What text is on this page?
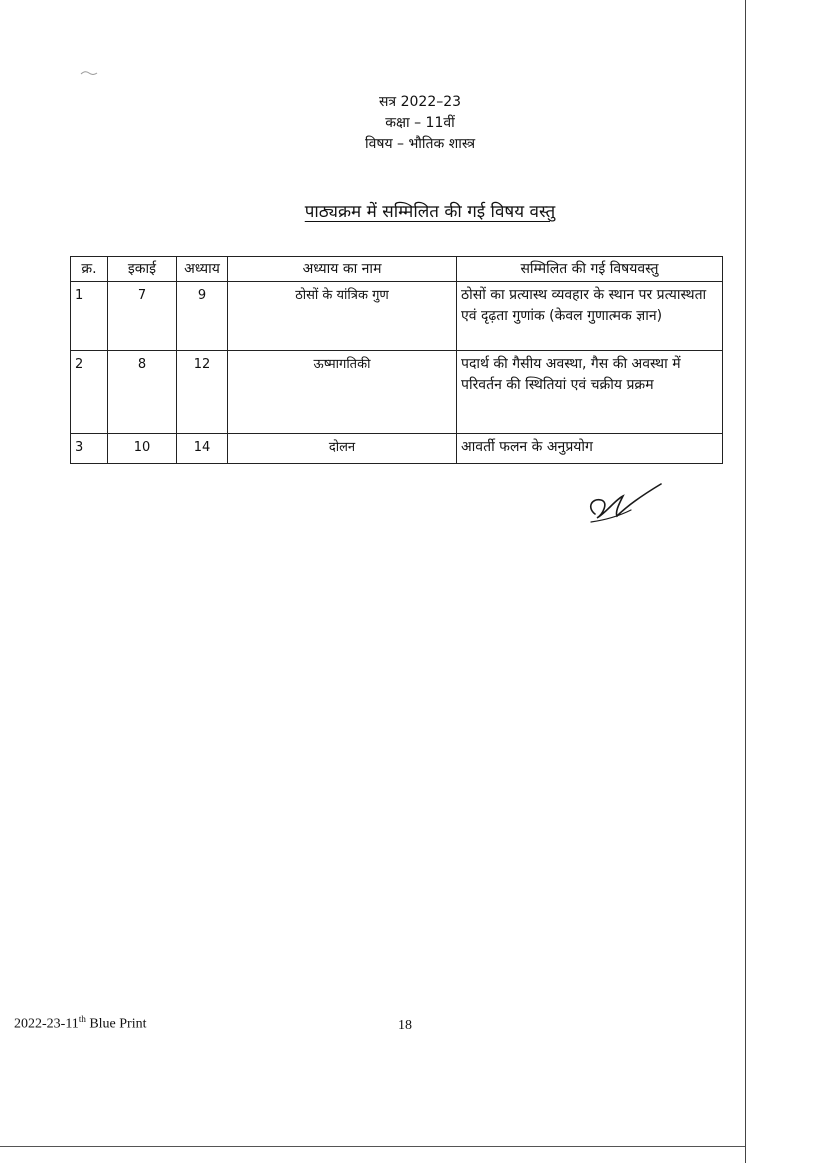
सत्र 2022–23
कक्षा – 11वीं
विषय – भौतिक शास्त्र
पाठ्यक्रम में सम्मिलित की गई विषय वस्तु
क्र.	इकाई	अध्याय	अध्याय का नाम	सम्मिलित की गई विषयवस्तु
1	7	9	ठोसों के यांत्रिक गुण	ठोसों का प्रत्यास्थ व्यवहार के स्थान पर प्रत्यास्थता एवं दृढ़ता गुणांक (केवल गुणात्मक ज्ञान)
2	8	12	ऊष्मागतिकी	पदार्थ की गैसीय अवस्था, गैस की अवस्था में परिवर्तन की स्थितियां एवं चक्रीय प्रक्रम
3	10	14	दोलन	आवर्ती फलन के अनुप्रयोग
2022-23-11th Blue Print	18
